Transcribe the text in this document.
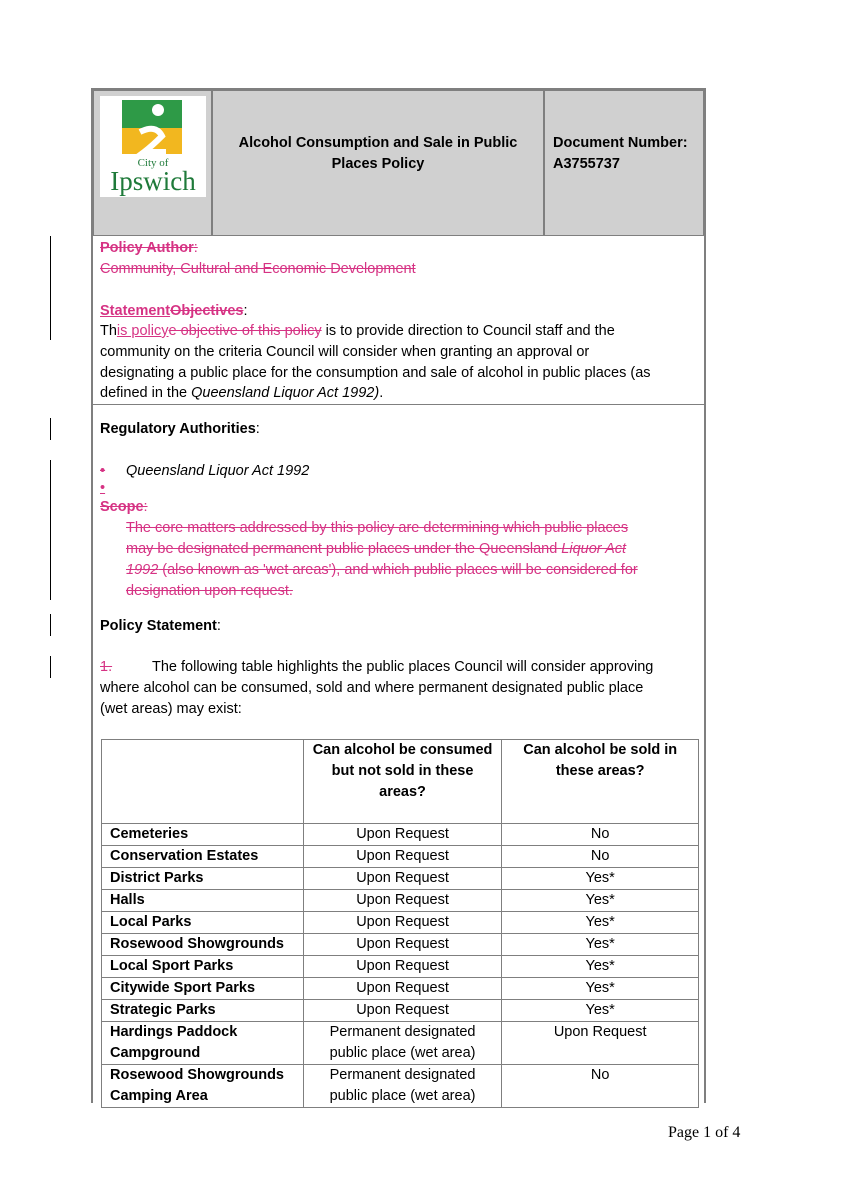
City of
Ipswich
Alcohol Consumption and Sale in Public
Places Policy
Document Number:
A3755737
Policy Author:
Community, Cultural and Economic Development
StatementObjectives:
This policye objective of this policy is to provide direction to Council staff and the
community on the criteria Council will consider when granting an approval or
designating a public place for the consumption and sale of alcohol in public places (as
defined in the Queensland Liquor Act 1992).
Regulatory Authorities:
• Queensland Liquor Act 1992
•
Scope:
The core matters addressed by this policy are determining which public places
may be designated permanent public places under the Queensland Liquor Act
1992 (also known as 'wet areas'), and which public places will be considered for
designation upon request.
Policy Statement:
1.	The following table highlights the public places Council will consider approving
where alcohol can be consumed, sold and where permanent designated public place
(wet areas) may exist:
	Can alcohol be consumed but not sold in these areas?	Can alcohol be sold in these areas?
Cemeteries	Upon Request	No
Conservation Estates	Upon Request	No
District Parks	Upon Request	Yes*
Halls	Upon Request	Yes*
Local Parks	Upon Request	Yes*
Rosewood Showgrounds	Upon Request	Yes*
Local Sport Parks	Upon Request	Yes*
Citywide Sport Parks	Upon Request	Yes*
Strategic Parks	Upon Request	Yes*
Hardings Paddock Campground	Permanent designated public place (wet area)	Upon Request
Rosewood Showgrounds Camping Area	Permanent designated public place (wet area)	No
Page 1 of 4
